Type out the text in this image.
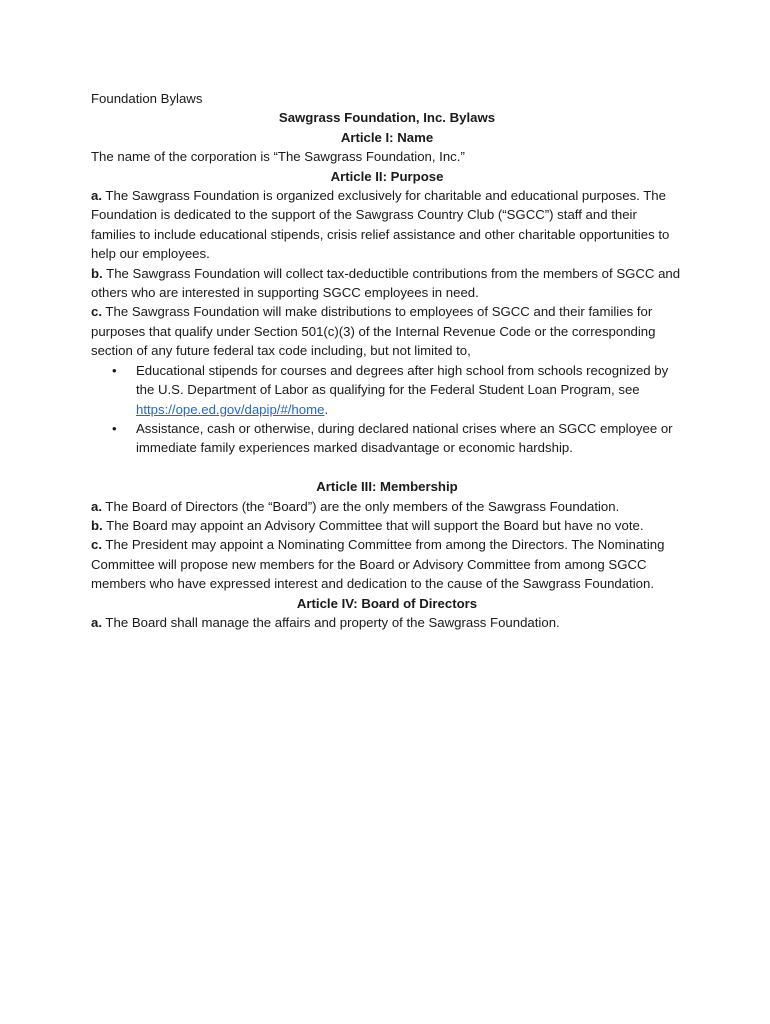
Foundation Bylaws

Sawgrass Foundation, Inc. Bylaws

Article I: Name

The name of the corporation is “The Sawgrass Foundation, Inc.”

Article II: Purpose

a. The Sawgrass Foundation is organized exclusively for charitable and educational purposes. The Foundation is dedicated to the support of the Sawgrass Country Club (“SGCC”) staff and their families to include educational stipends, crisis relief assistance and other charitable opportunities to help our employees.

b. The Sawgrass Foundation will collect tax-deductible contributions from the members of SGCC and others who are interested in supporting SGCC employees in need.

c. The Sawgrass Foundation will make distributions to employees of SGCC and their families for purposes that qualify under Section 501(c)(3) of the Internal Revenue Code or the corresponding section of any future federal tax code including, but not limited to,

• Educational stipends for courses and degrees after high school from schools recognized by the U.S. Department of Labor as qualifying for the Federal Student Loan Program, see https://ope.ed.gov/dapip/#/home.
• Assistance, cash or otherwise, during declared national crises where an SGCC employee or immediate family experiences marked disadvantage or economic hardship.

Article III: Membership

a. The Board of Directors (the “Board”) are the only members of the Sawgrass Foundation.

b. The Board may appoint an Advisory Committee that will support the Board but have no vote.

c. The President may appoint a Nominating Committee from among the Directors. The Nominating Committee will propose new members for the Board or Advisory Committee from among SGCC members who have expressed interest and dedication to the cause of the Sawgrass Foundation.

Article IV: Board of Directors

a. The Board shall manage the affairs and property of the Sawgrass Foundation.
